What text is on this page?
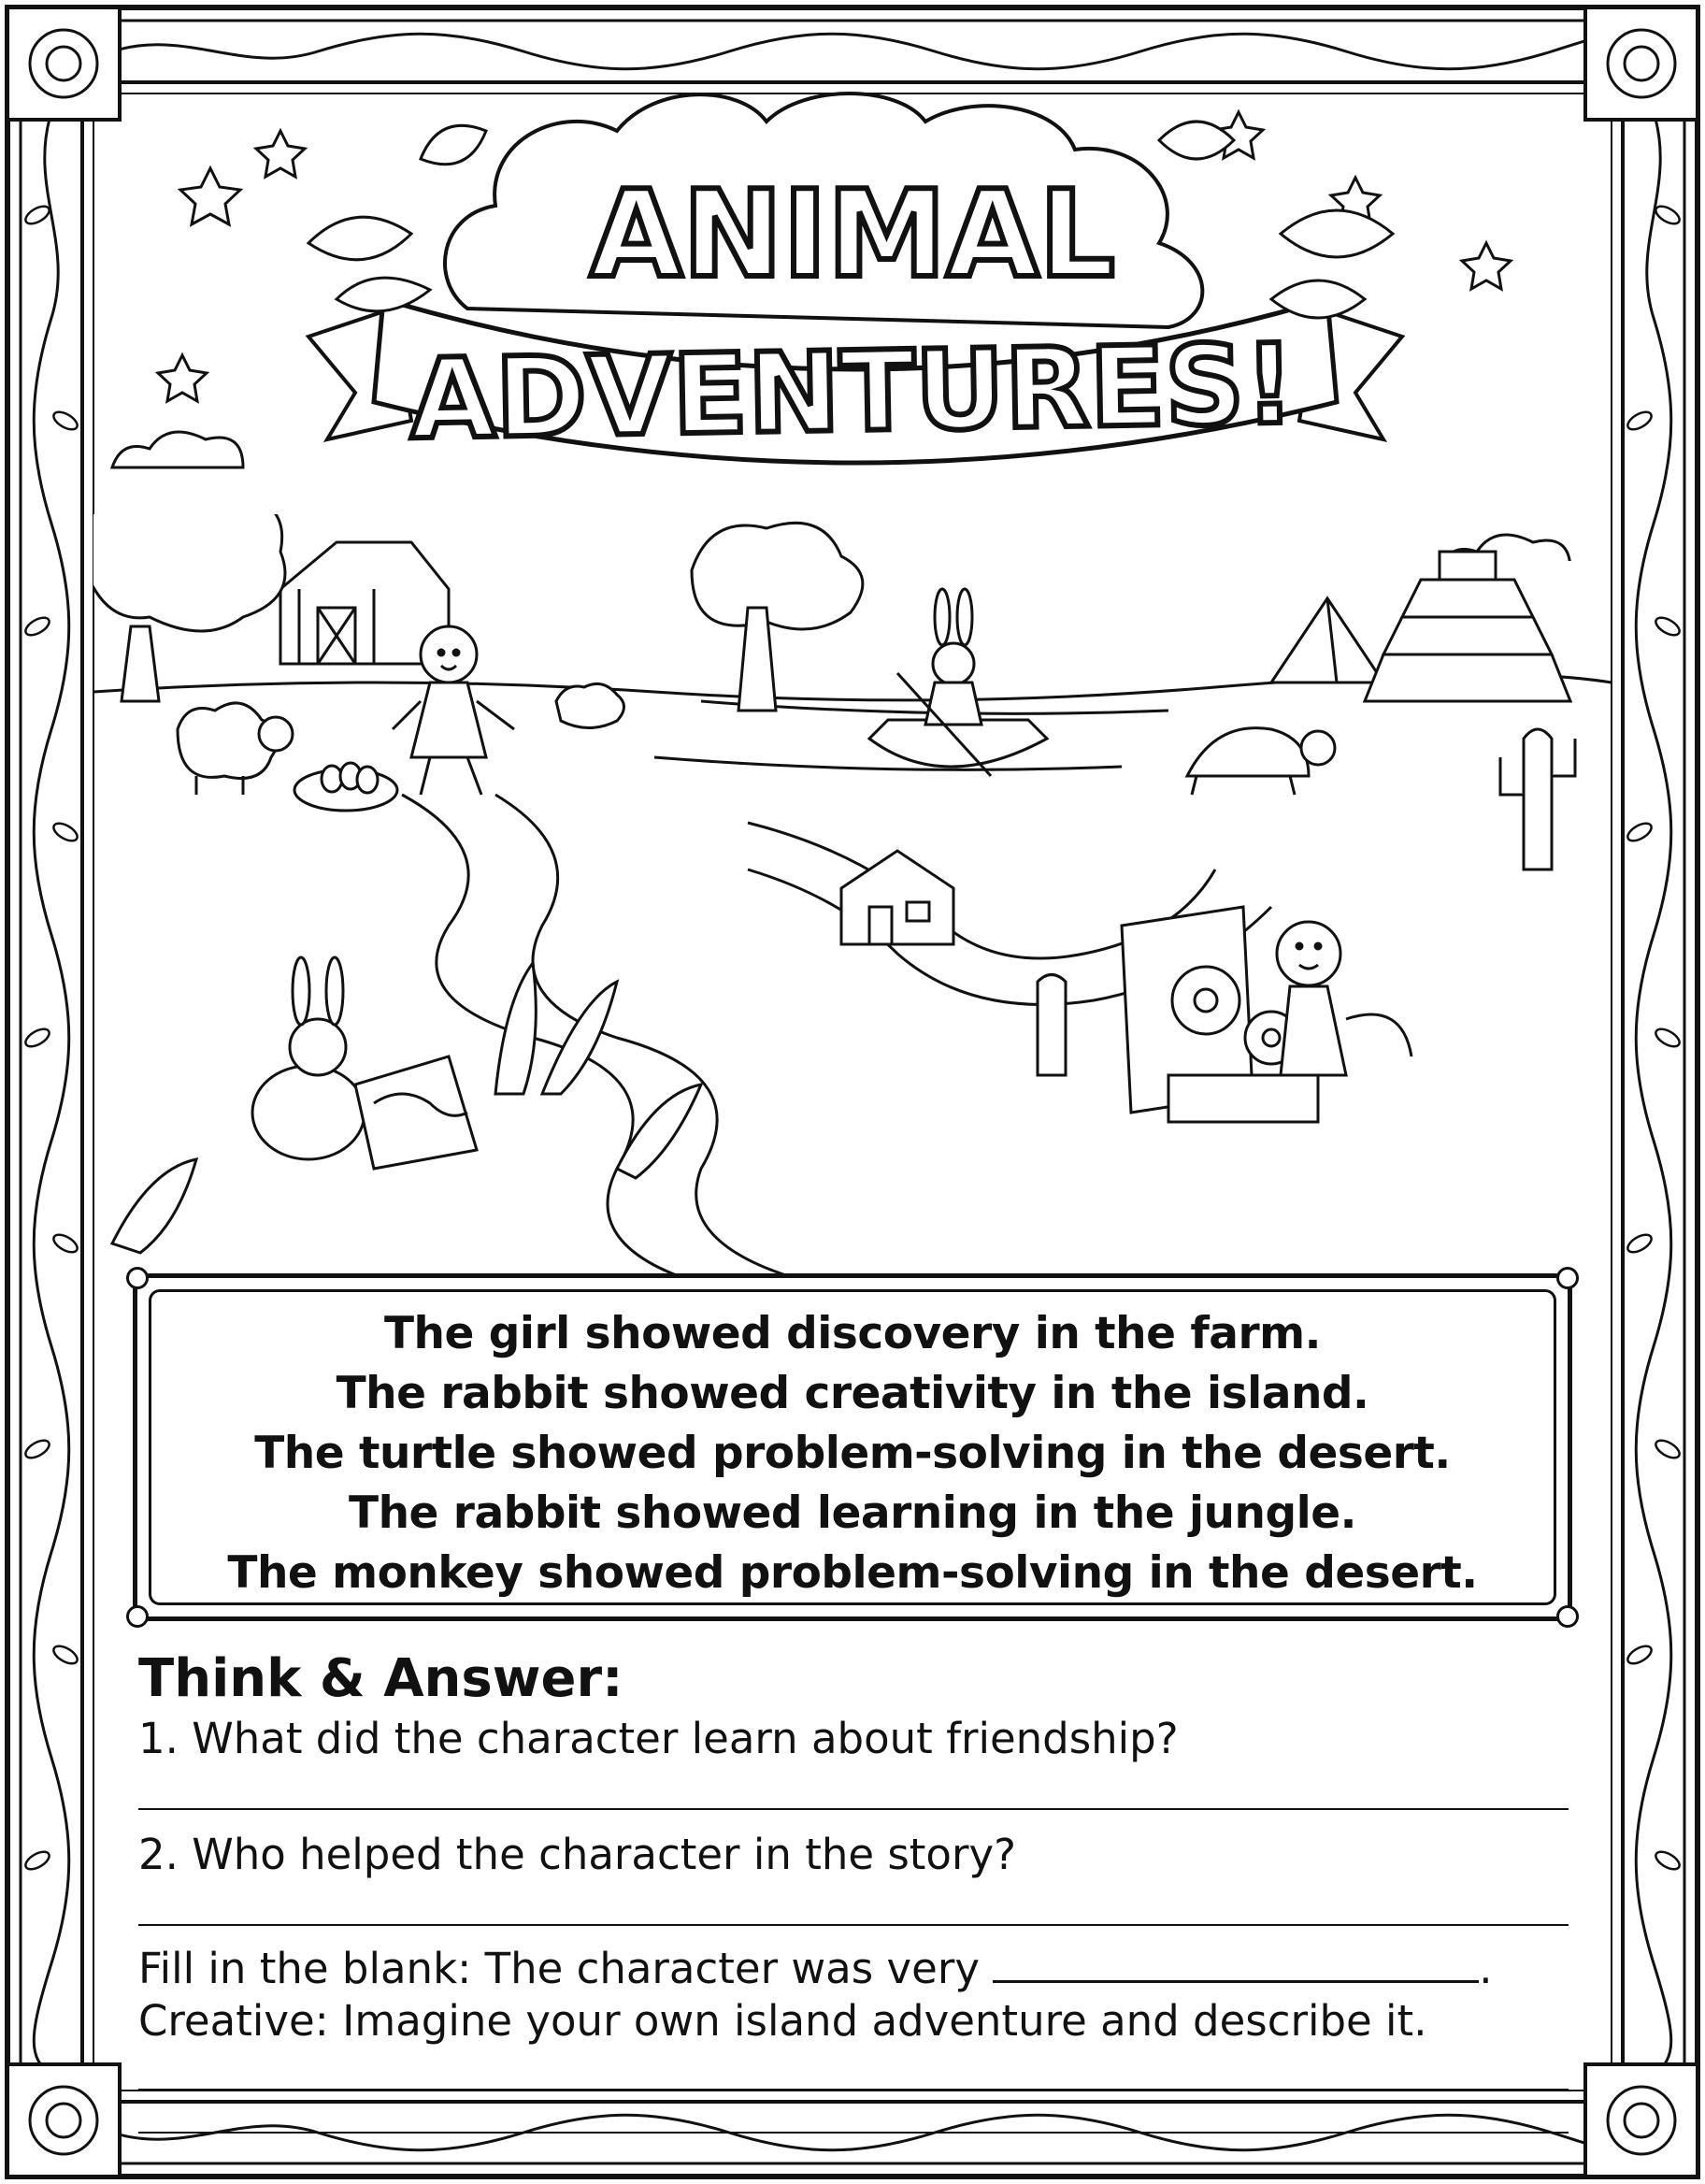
ANIMAL
ADVENTURES!
The girl showed discovery in the farm.
The rabbit showed creativity in the island.
The turtle showed problem-solving in the desert.
The rabbit showed learning in the jungle.
The monkey showed problem-solving in the desert.
Think & Answer:
1. What did the character learn about friendship?
2. Who helped the character in the story?
Fill in the blank: The character was very	.
Creative: Imagine your own island adventure and describe it.
